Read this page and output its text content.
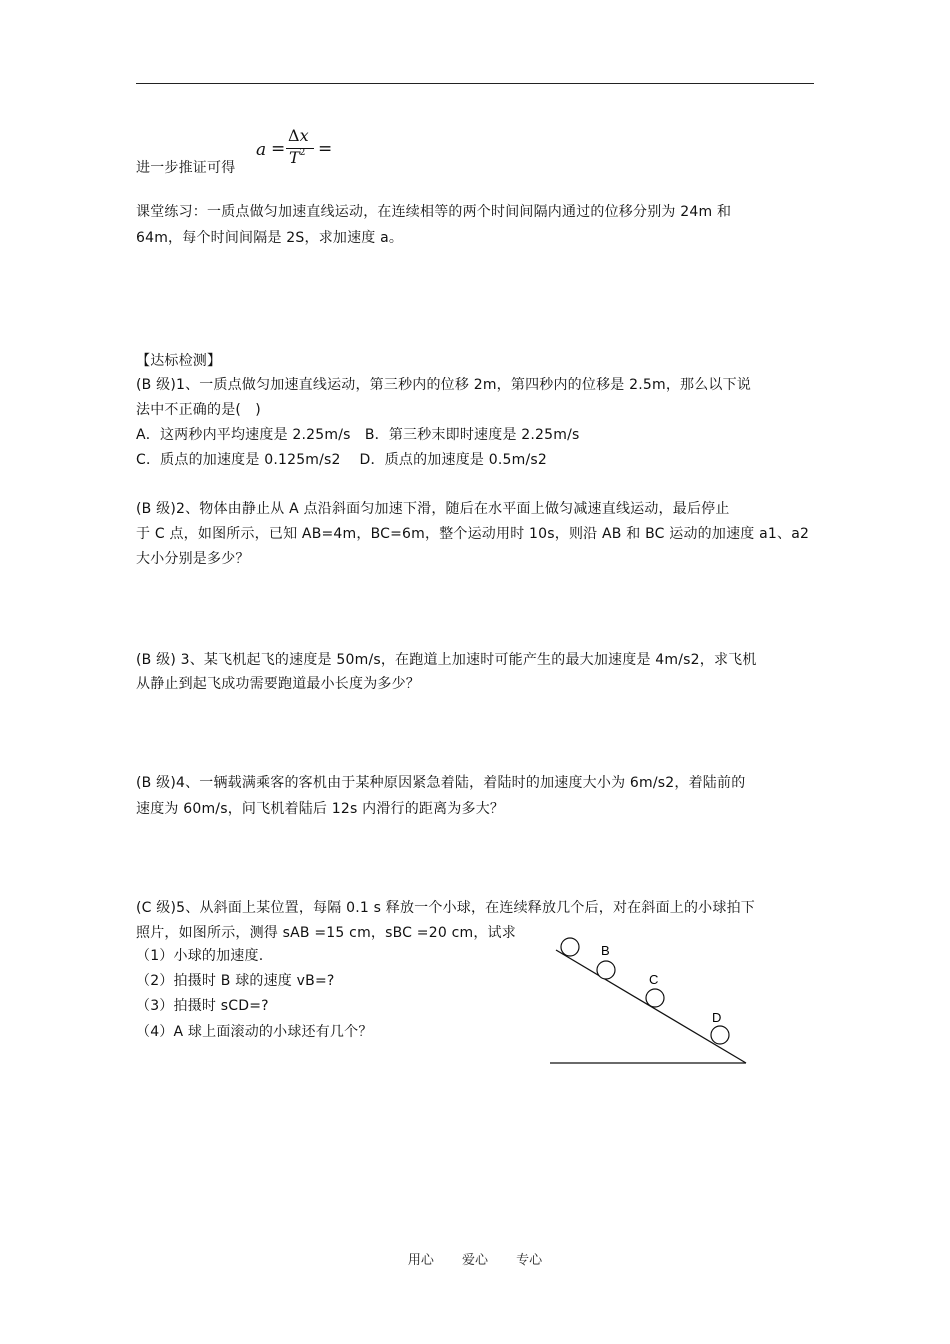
进一步推证可得
a =
Δx
$T^2$ =
课堂练习：一质点做匀加速直线运动，在连续相等的两个时间间隔内通过的位移分别为 24m 和
64m，每个时间间隔是 2S，求加速度 a。
【达标检测】
(B 级)1、一质点做匀加速直线运动，第三秒内的位移 2m，第四秒内的位移是 2.5m，那么以下说
法中不正确的是(　)
A．这两秒内平均速度是 2.25m/s　B．第三秒末即时速度是 2.25m/s
C．质点的加速度是 0.125m/s2　 D．质点的加速度是 0.5m/s2
(B 级)2、物体由静止从 A 点沿斜面匀加速下滑，随后在水平面上做匀减速直线运动，最后停止
于 C 点，如图所示，已知 AB=4m，BC=6m，整个运动用时 10s，则沿 AB 和 BC 运动的加速度 a1、a2
大小分别是多少？
(B 级) 3、某飞机起飞的速度是 50m/s，在跑道上加速时可能产生的最大加速度是 4m/s2，求飞机
从静止到起飞成功需要跑道最小长度为多少？
(B 级)4、一辆载满乘客的客机由于某种原因紧急着陆，着陆时的加速度大小为 6m/s2，着陆前的
速度为 60m/s，问飞机着陆后 12s 内滑行的距离为多大？
(C 级)5、从斜面上某位置，每隔 0.1 s 释放一个小球，在连续释放几个后，对在斜面上的小球拍下
照片，如图所示，测得 sAB =15 cm，sBC =20 cm，试求
（1）小球的加速度.
（2）拍摄时 B 球的速度 vB=?
（3）拍摄时 sCD=?
（4）A 球上面滚动的小球还有几个？
B
C
D
用心 爱心 专心
